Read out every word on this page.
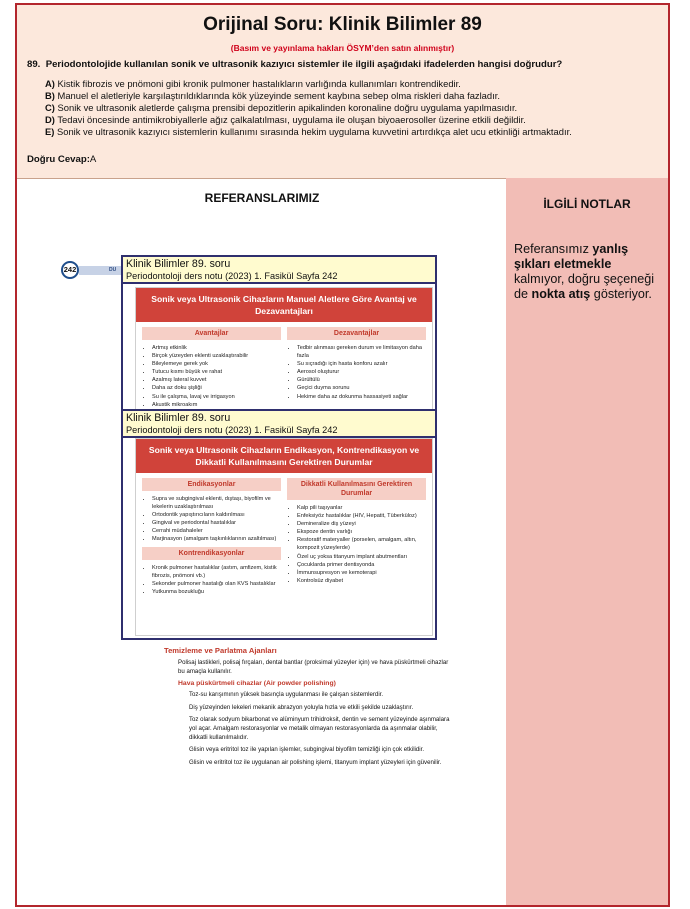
Orijinal Soru: Klinik Bilimler 89
(Basım ve yayınlama hakları ÖSYM’den satın alınmıştır)
89. Periodontolojide kullanılan sonik ve ultrasonik kazıyıcı sistemler ile ilgili aşağıdaki ifadelerden hangisi doğrudur?
A) Kistik fibrozis ve pnömoni gibi kronik pulmoner hastalıkların varlığında kullanımları kontrendikedir.
B) Manuel el aletleriyle karşılaştırıldıklarında kök yüzeyinde sement kaybına sebep olma riskleri daha fazladır.
C) Sonik ve ultrasonik aletlerde çalışma prensibi depozitlerin apikalinden koronaline doğru uygulama yapılmasıdır.
D) Tedavi öncesinde antimikrobiyallerle ağız çalkalatılması, uygulama ile oluşan biyoaerosoller üzerine etkili değildir.
E) Sonik ve ultrasonik kazıyıcı sistemlerin kullanımı sırasında hekim uygulama kuvvetini artırdıkça alet ucu etkinliği artmaktadır.
Doğru Cevap:A
REFERANSLARIMIZ	İLGİLİ NOTLAR
Referansımız yanlış şıkları eletmekle kalmıyor, doğru şeçeneği de nokta atış gösteriyor.
242	DU
Sonik veya Ultrasonik Cihazların Manuel Aletlere Göre Avantaj ve Dezavantajları
Avantajlar
• Artmış etkinlik
• Birçok yüzeyden eklenti uzaklaştırabilir
• Bileylemeye gerek yok
• Tutucu kısmı büyük ve rahat
• Azalmış lateral kuvvet
• Daha az doku şişliği
• Su ile çalışma, lavaj ve irrigasyon
• Akustik mikroakım
Dezavantajlar
• Tedbir alınması gereken durum ve limitasyon daha fazla
• Su sıçradığı için hasta konforu azalır
• Aerosol oluşturur
• Gürültülü
• Geçici duyma sorunu
• Hekime daha az dokunma hassasiyeti sağlar
Klinik Bilimler 89. soru
Periodontoloji ders notu (2023) 1. Fasikül Sayfa 242
Sonik veya Ultrasonik Cihazların Endikasyon, Kontrendikasyon ve Dikkatli Kullanılmasını Gerektiren Durumlar
Endikasyonlar
• Supra ve subgingival eklenti, dıştaşı, biyofilm ve lekelerin uzaklaştırılması
• Ortodontik yapıştırıcıların kaldırılması
• Gingival ve periodontal hastalıklar
• Cerrahi müdahaleler
• Marjinasyon (amalgam taşkınlıklarının azaltılması)
Kontrendikasyonlar
• Kronik pulmoner hastalıklar (astım, amfizem, kistik fibrozis, pnömoni vb.)
• Sekonder pulmoner hastalığı olan KVS hastalıklar
• Yutkunma bozukluğu
Dikkatli Kullanılmasını Gerektiren Durumlar
• Kalp pili taşıyanlar
• Enfeksiyöz hastalıklar (HIV, Hepatit, Tüberküloz)
• Demineralize diş yüzeyi
• Ekspoze dentin varlığı
• Restoratif materyaller (porselen, amalgam, altın, kompozit yüzeylerde)
• Özel uç yoksa titanyum implant abutmentları
• Çocuklarda primer dentisyonda
• İmmunsupresyon ve kemoterapi
• Kontrolsüz diyabet
Klinik Bilimler 89. soru
Periodontoloji ders notu (2023) 1. Fasikül Sayfa 242
Temizleme ve Parlatma Ajanları
Polisaj lastikleri, polisaj fırçaları, dental bantlar (proksimal yüzeyler için) ve hava püskürtmeli cihazlar bu amaçla kullanılır.
Hava püskürtmeli cihazlar (Air powder polishing)
Toz-su karışımının yüksek basınçla uygulanması ile çalışan sistemlerdir.
Diş yüzeyinden lekeleri mekanik abrazyon yoluyla hızla ve etkili şekilde uzaklaştırır.
Toz olarak sodyum bikarbonat ve alüminyum trihidroksit, dentin ve sement yüzeyinde aşınmalara yol açar. Amalgam restorasyonlar ve metalik olmayan restorasyonlarda da aşınmalar olabilir, dikkatli kullanılmalıdır.
Glisin veya eritritol toz ile yapılan işlemler, subgingival biyofilm temizliği için çok etkilidir.
Glisin ve eritritol toz ile uygulanan air polishing işlemi, titanyum implant yüzeyleri için güvenilir.
